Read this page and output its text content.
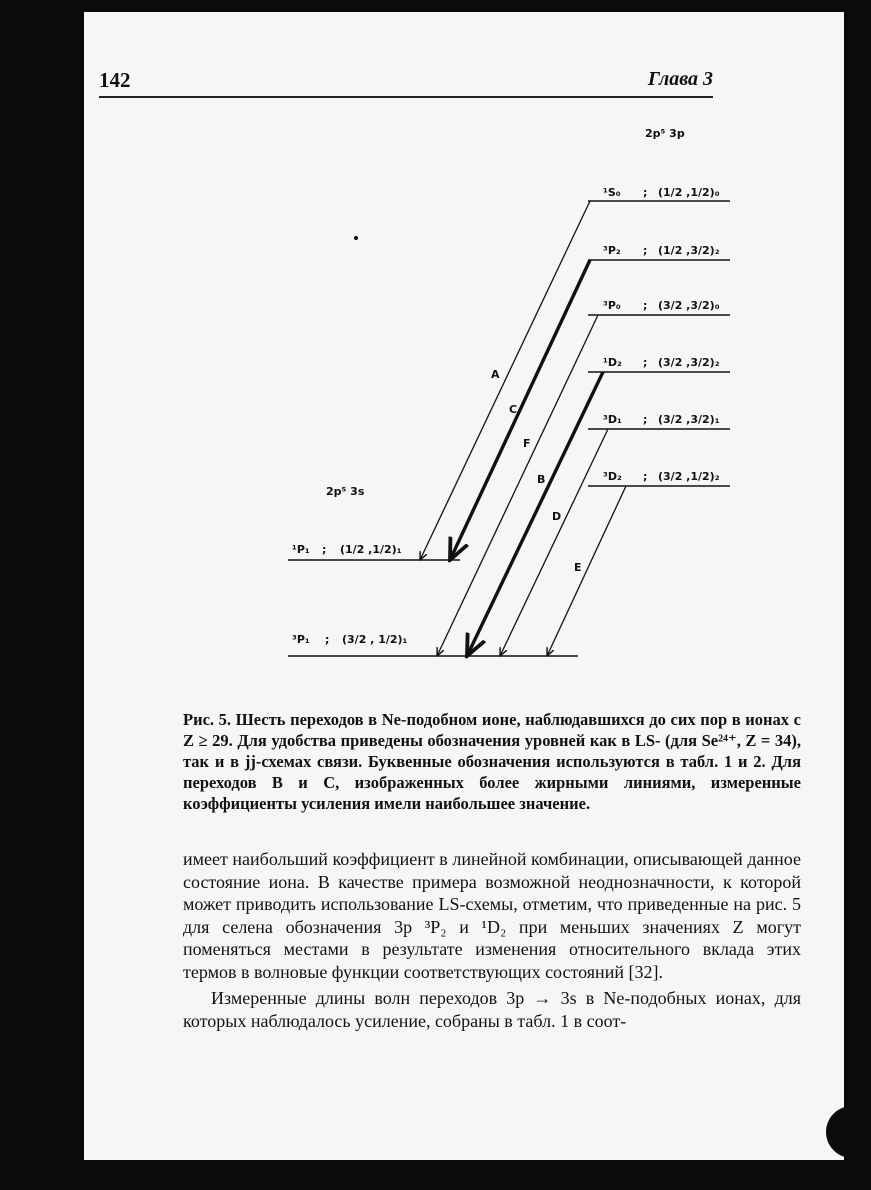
142	Глава 3
2p⁵ 3p
2p⁵ 3s
¹S₀ ; (1/2 ,1/2)₀
³P₂ ; (1/2 ,3/2)₂
³P₀ ; (3/2 ,3/2)₀
¹D₂ ; (3/2 ,3/2)₂
³D₁ ; (3/2 ,3/2)₁
³D₂ ; (3/2 ,1/2)₂
¹P₁ ; (1/2 ,1/2)₁
³P₁ ; (3/2 , 1/2)₁
A
C
F
B
D
E
Рис. 5. Шесть переходов в Ne-подобном ионе, наблюдавшихся до сих пор в ионах с Z ≥ 29. Для удобства приведены обозначения уровней как в LS- (для Se²⁴⁺, Z = 34), так и в jj-схемах связи. Буквенные обозначения используются в табл. 1 и 2. Для переходов B и C, изображенных более жирными линиями, измеренные коэффициенты усиления имели наибольшее значение.

имеет наибольший коэффициент в линейной комбинации, описывающей данное состояние иона. В качестве примера возможной неоднозначности, к которой может приводить использование LS-схемы, отметим, что приведенные на рис. 5 для селена обозначения 3p ³P₂ и ¹D₂ при меньших значениях Z могут поменяться местами в результате изменения относительного вклада этих термов в волновые функции соответствующих состояний [32].

Измеренные длины волн переходов 3p → 3s в Ne-подобных ионах, для которых наблюдалось усиление, собраны в табл. 1 в соот-
